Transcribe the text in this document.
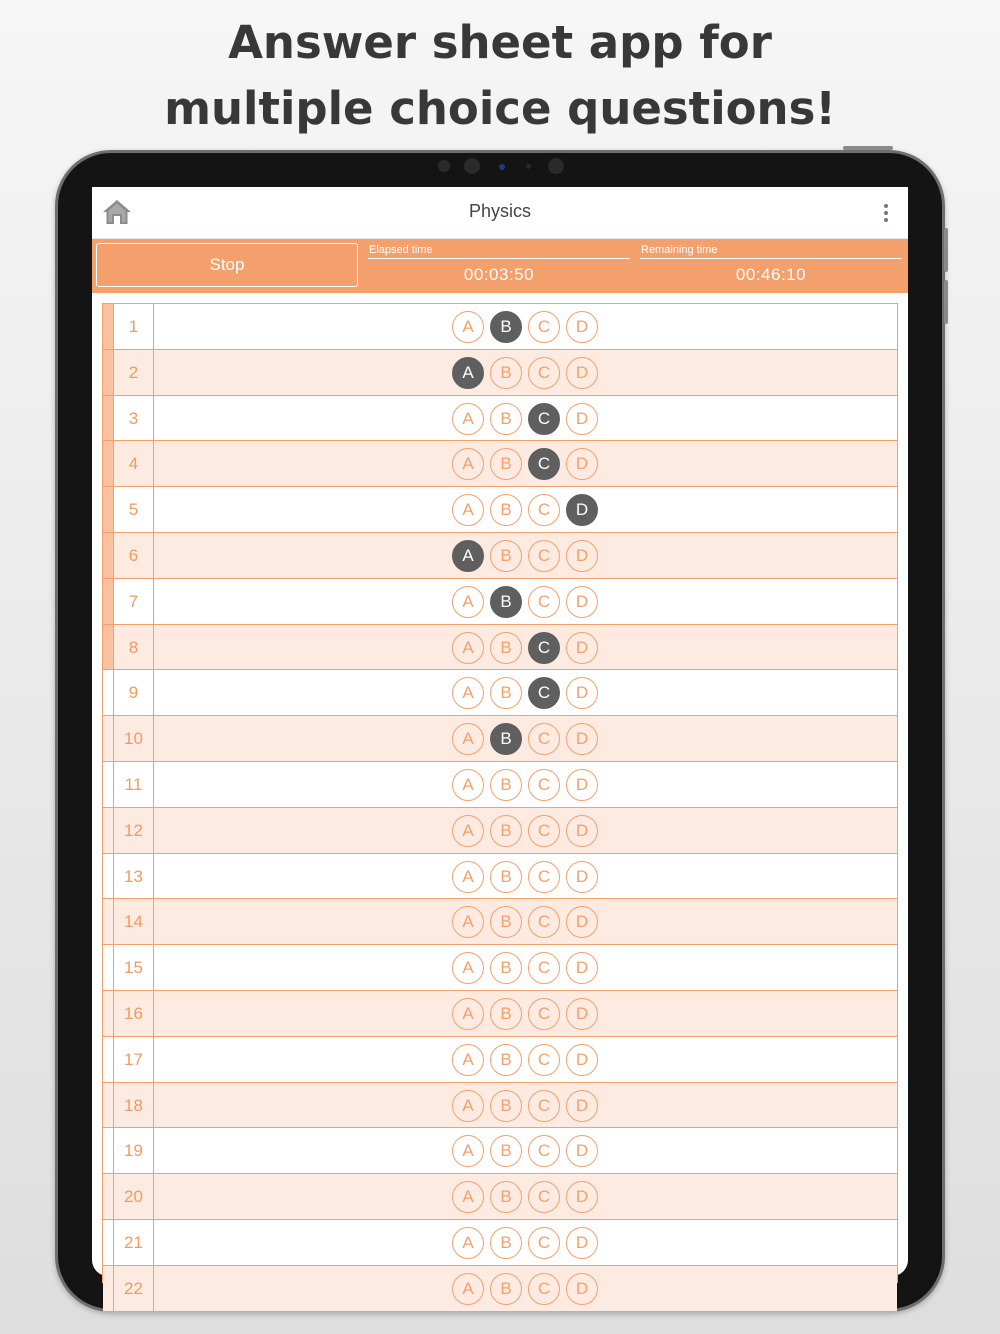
Answer sheet app for
multiple choice questions!
Physics
Stop
Elapsed time
00:03:50
Remaining time
00:46:10
1	A	B	C	D
2	A	B	C	D
3	A	B	C	D
4	A	B	C	D
5	A	B	C	D
6	A	B	C	D
7	A	B	C	D
8	A	B	C	D
9	A	B	C	D
10	A	B	C	D
11	A	B	C	D
12	A	B	C	D
13	A	B	C	D
14	A	B	C	D
15	A	B	C	D
16	A	B	C	D
17	A	B	C	D
18	A	B	C	D
19	A	B	C	D
20	A	B	C	D
21	A	B	C	D
22	A	B	C	D
